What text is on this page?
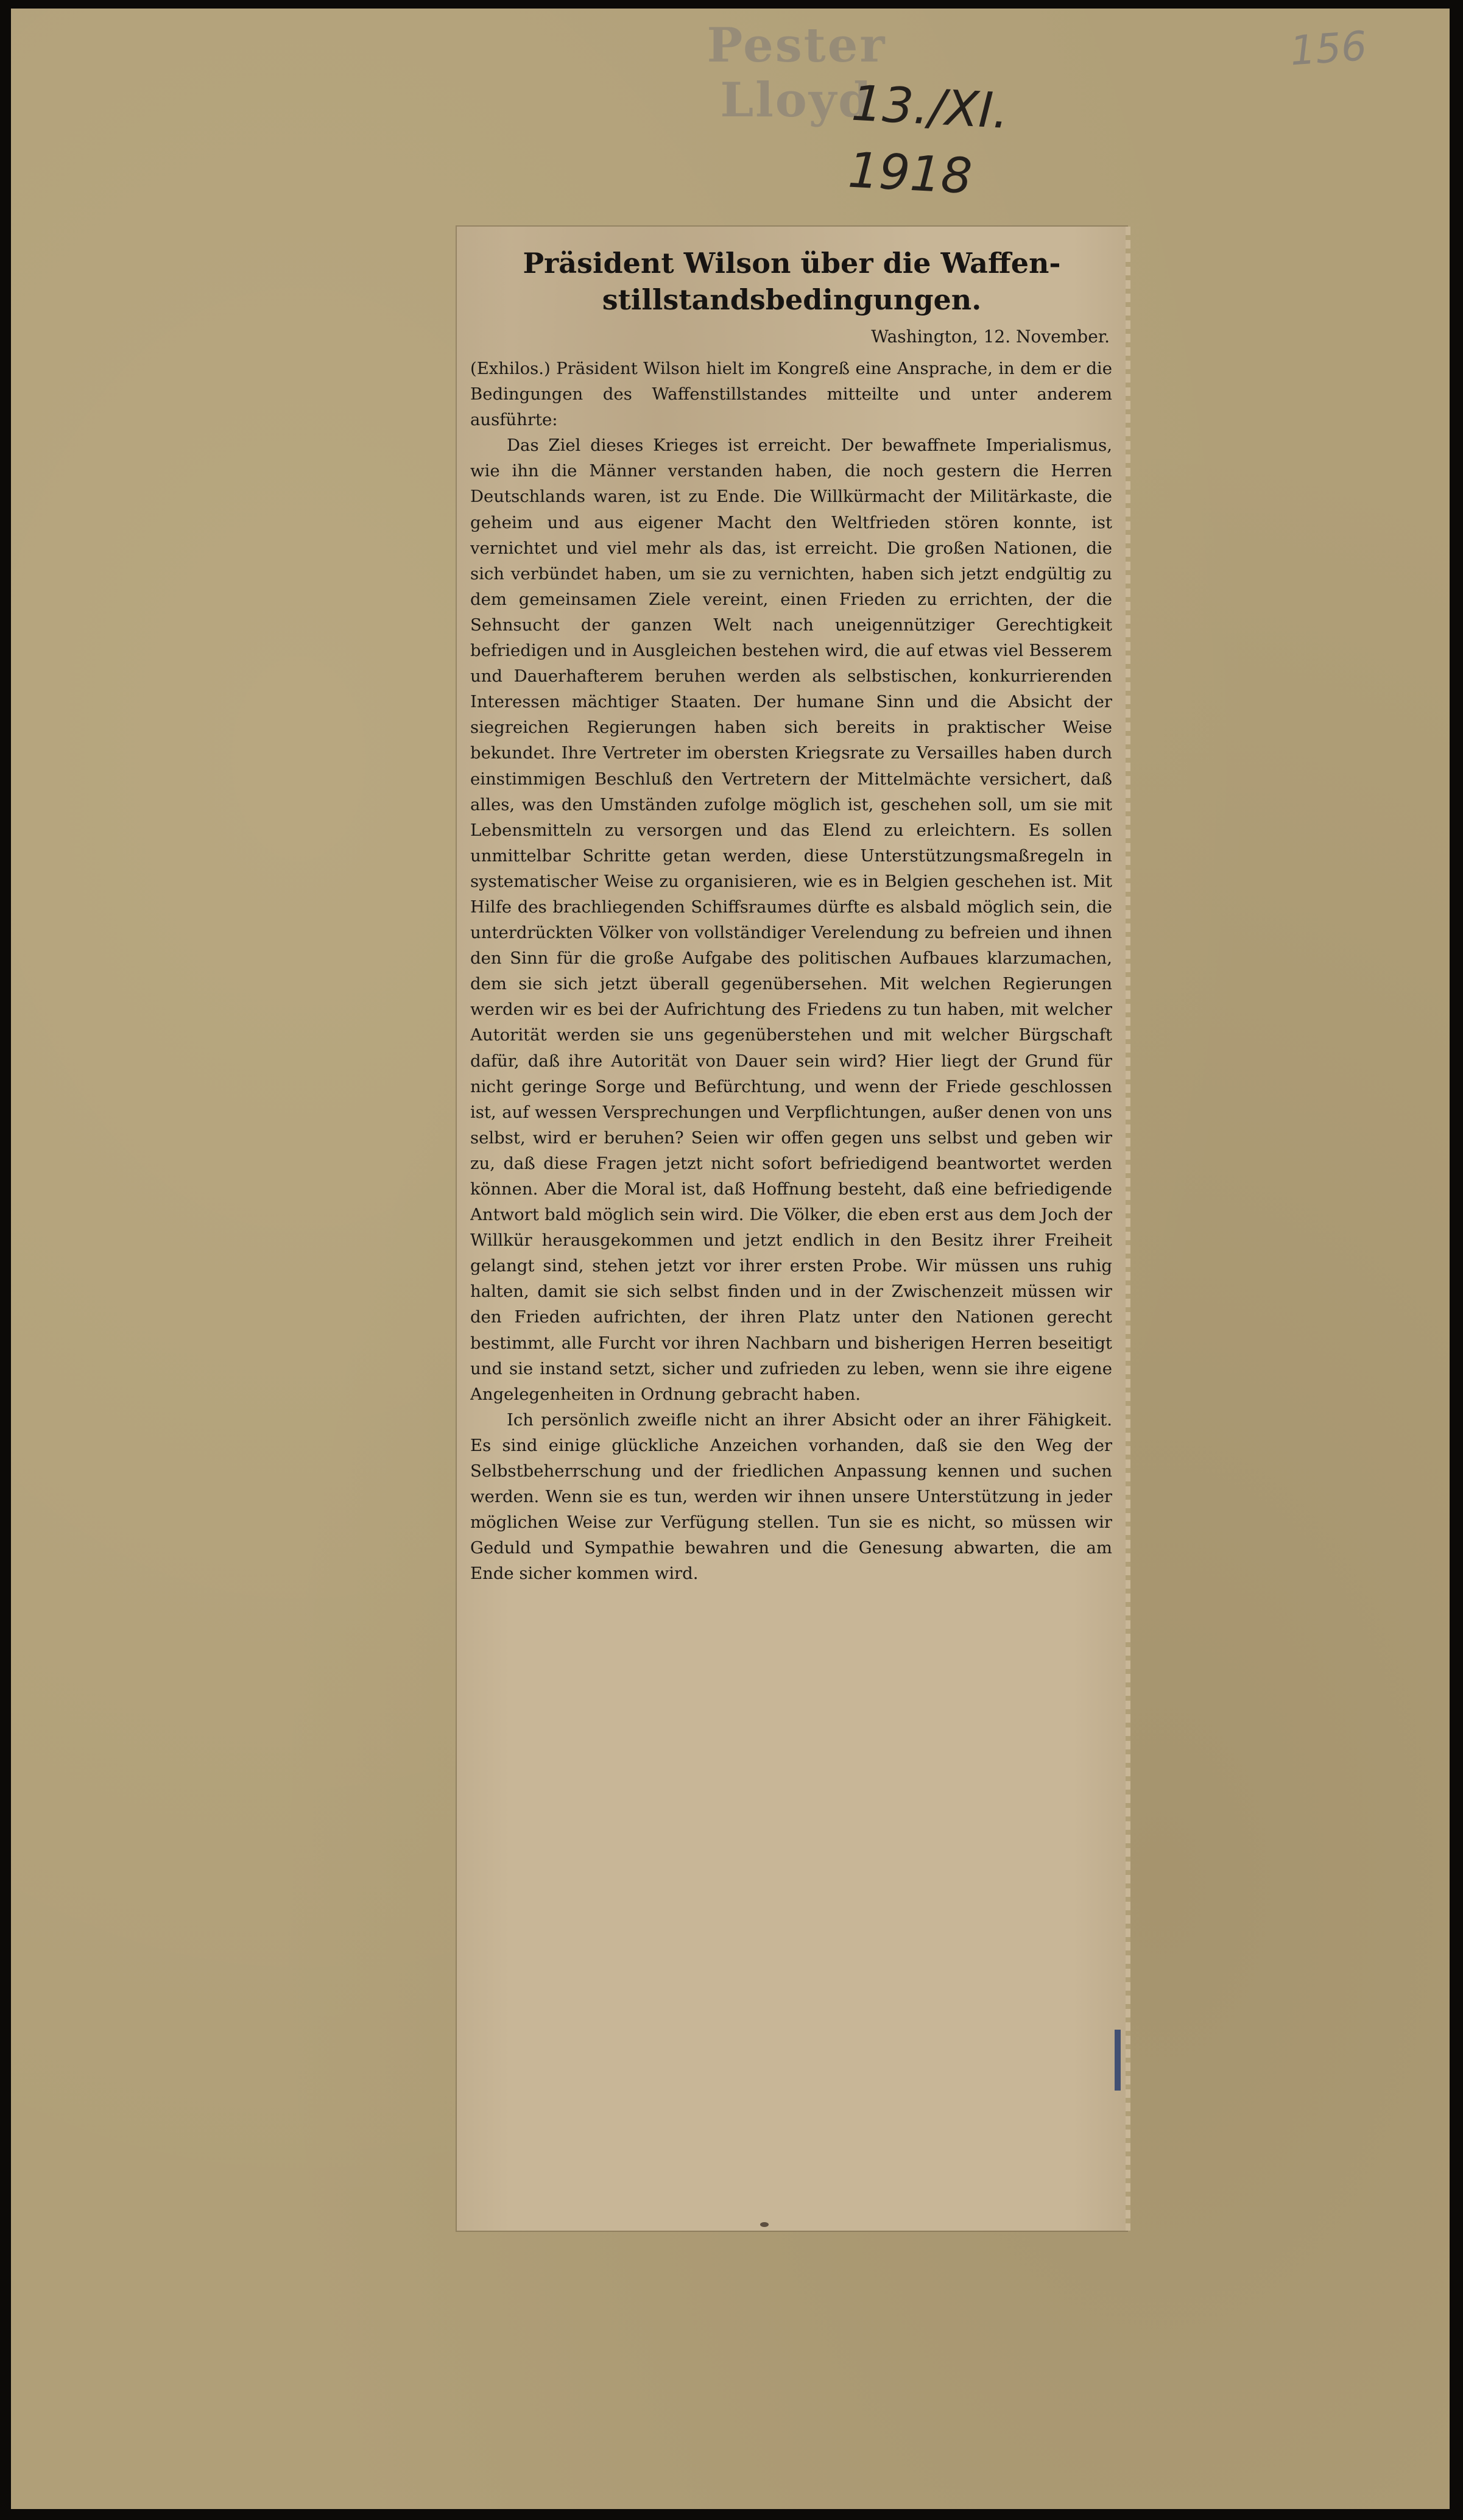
Pester Lloyd
156
13./XI. 1918
Präsident Wilson über die Waffen-stillstandsbedingungen.
Washington, 12. November.

(Exhilos.) Präsident Wilson hielt im Kongreß eine Ansprache, in dem er die Bedingungen des Waffenstillstandes mitteilte und unter anderem ausführte:

Das Ziel dieses Krieges ist erreicht. Der bewaffnete Imperialismus, wie ihn die Männer verstanden haben, die noch gestern die Herren Deutschlands waren, ist zu Ende. Die Willkürmacht der Militärkaste, die geheim und aus eigener Macht den Weltfrieden stören konnte, ist vernichtet und viel mehr als das, ist erreicht. Die großen Nationen, die sich verbündet haben, um sie zu vernichten, haben sich jetzt endgültig zu dem gemeinsamen Ziele vereint, einen Frieden zu errichten, der die Sehnsucht der ganzen Welt nach uneigennütziger Gerechtigkeit befriedigen und in Ausgleichen bestehen wird, die auf etwas viel Besserem und Dauerhafterem beruhen werden als selbstischen, konkurrierenden Interessen mächtiger Staaten. Der humane Sinn und die Absicht der siegreichen Regierungen haben sich bereits in praktischer Weise bekundet. Ihre Vertreter im obersten Kriegsrate zu Versailles haben durch einstimmigen Beschluß den Vertretern der Mittelmächte versichert, daß alles, was den Umständen zufolge möglich ist, geschehen soll, um sie mit Lebensmitteln zu versorgen und das Elend zu erleichtern. Es sollen unmittelbar Schritte getan werden, diese Unterstützungsmaßregeln in systematischer Weise zu organisieren, wie es in Belgien geschehen ist. Mit Hilfe des brachliegenden Schiffsraumes dürfte es alsbald möglich sein, die unterdrückten Völker von vollständiger Verelendung zu befreien und ihnen den Sinn für die große Aufgabe des politischen Aufbaues klarzumachen, dem sie sich jetzt überall gegenübersehen. Mit welchen Regierungen werden wir es bei der Aufrichtung des Friedens zu tun haben, mit welcher Autorität werden sie uns gegenüberstehen und mit welcher Bürgschaft dafür, daß ihre Autorität von Dauer sein wird? Hier liegt der Grund für nicht geringe Sorge und Befürchtung, und wenn der Friede geschlossen ist, auf wessen Versprechungen und Verpflichtungen, außer denen von uns selbst, wird er beruhen? Seien wir offen gegen uns selbst und geben wir zu, daß diese Fragen jetzt nicht sofort befriedigend beantwortet werden können. Aber die Moral ist, daß Hoffnung besteht, daß eine befriedigende Antwort bald möglich sein wird. Die Völker, die eben erst aus dem Joch der Willkür herausgekommen und jetzt endlich in den Besitz ihrer Freiheit gelangt sind, stehen jetzt vor ihrer ersten Probe. Wir müssen uns ruhig halten, damit sie sich selbst finden und in der Zwischenzeit müssen wir den Frieden aufrichten, der ihren Platz unter den Nationen gerecht bestimmt, alle Furcht vor ihren Nachbarn und bisherigen Herren beseitigt und sie instand setzt, sicher und zufrieden zu leben, wenn sie ihre eigene Angelegenheiten in Ordnung gebracht haben.

Ich persönlich zweifle nicht an ihrer Absicht oder an ihrer Fähigkeit. Es sind einige glückliche Anzeichen vorhanden, daß sie den Weg der Selbstbeherrschung und der friedlichen Anpassung kennen und suchen werden. Wenn sie es tun, werden wir ihnen unsere Unterstützung in jeder möglichen Weise zur Verfügung stellen. Tun sie es nicht, so müssen wir Geduld und Sympathie bewahren und die Genesung abwarten, die am Ende sicher kommen wird.
